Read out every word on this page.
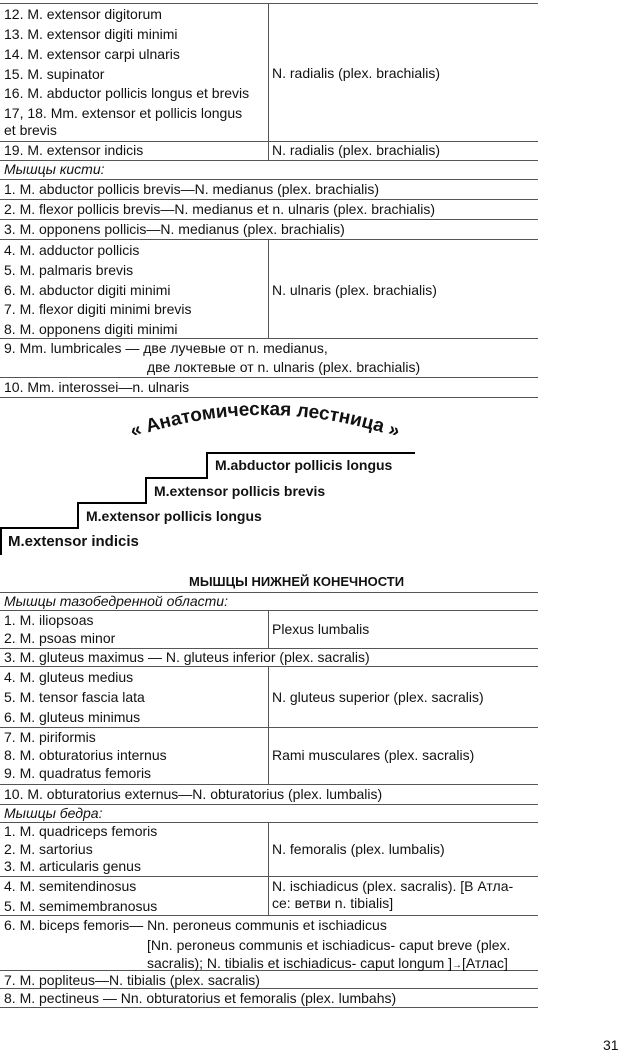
12. M. extensor digitorum
13. M. extensor digiti minimi
14. M. extensor carpi ulnaris
15. M. supinator
16. M. abductor pollicis longus et brevis
17, 18. Mm. extensor et pollicis longus
et brevis
N. radialis (plex. brachialis)
19. M. extensor indicis	N. radialis (plex. brachialis)
Мышцы кисти:
1. M. abductor pollicis brevis—N. medianus (plex. brachialis)
2. M. flexor pollicis brevis—N. medianus et n. ulnaris (plex. brachialis)
3. M. opponens pollicis—N. medianus (plex. brachialis)
4. M. adductor pollicis
5. M. palmaris brevis
6. M. abductor digiti minimi
7. M. flexor digiti minimi brevis
8. M. opponens digiti minimi
N. ulnaris (plex. brachialis)
9. Mm. lumbricales — две лучевые от n. medianus,
две локтевые от n. ulnaris (plex. brachialis)
10. Mm. interossei—n. ulnaris
« Анатомическая лестница »
M.abductor pollicis longus
M.extensor pollicis brevis
M.extensor pollicis longus
M.extensor indicis
МЫШЦЫ НИЖНЕЙ КОНЕЧНОСТИ
Мышцы тазобедренной области:
1. M. iliopsoas
2. M. psoas minor
Plexus lumbalis
3. M. gluteus maximus — N. gluteus inferior (plex. sacralis)
4. M. gluteus medius
5. M. tensor fascia lata
6. M. gluteus minimus
N. gluteus superior (plex. sacralis)
7. M. piriformis
8. M. obturatorius internus
9. M. quadratus femoris
Rami musculares (plex. sacralis)
10. M. obturatorius externus—N. obturatorius (plex. lumbalis)
Мышцы бедра:
1. M. quadriceps femoris
2. M. sartorius
3. M. articularis genus
N. femoralis (plex. lumbalis)
4. M. semitendinosus
5. M. semimembranosus
N. ischiadicus (plex. sacralis). [В Атла-
се: ветви n. tibialis]
6. M. biceps femoris— Nn. peroneus communis et ischiadicus
[Nn. peroneus communis et ischiadicus- caput breve (plex.
sacralis); N. tibialis et ischiadicus- caput longum ]→[Атлас]
7. M. popliteus—N. tibialis (plex. sacralis)
8. M. pectineus — Nn. obturatorius et femoralis (plex. lumbahs)
31
